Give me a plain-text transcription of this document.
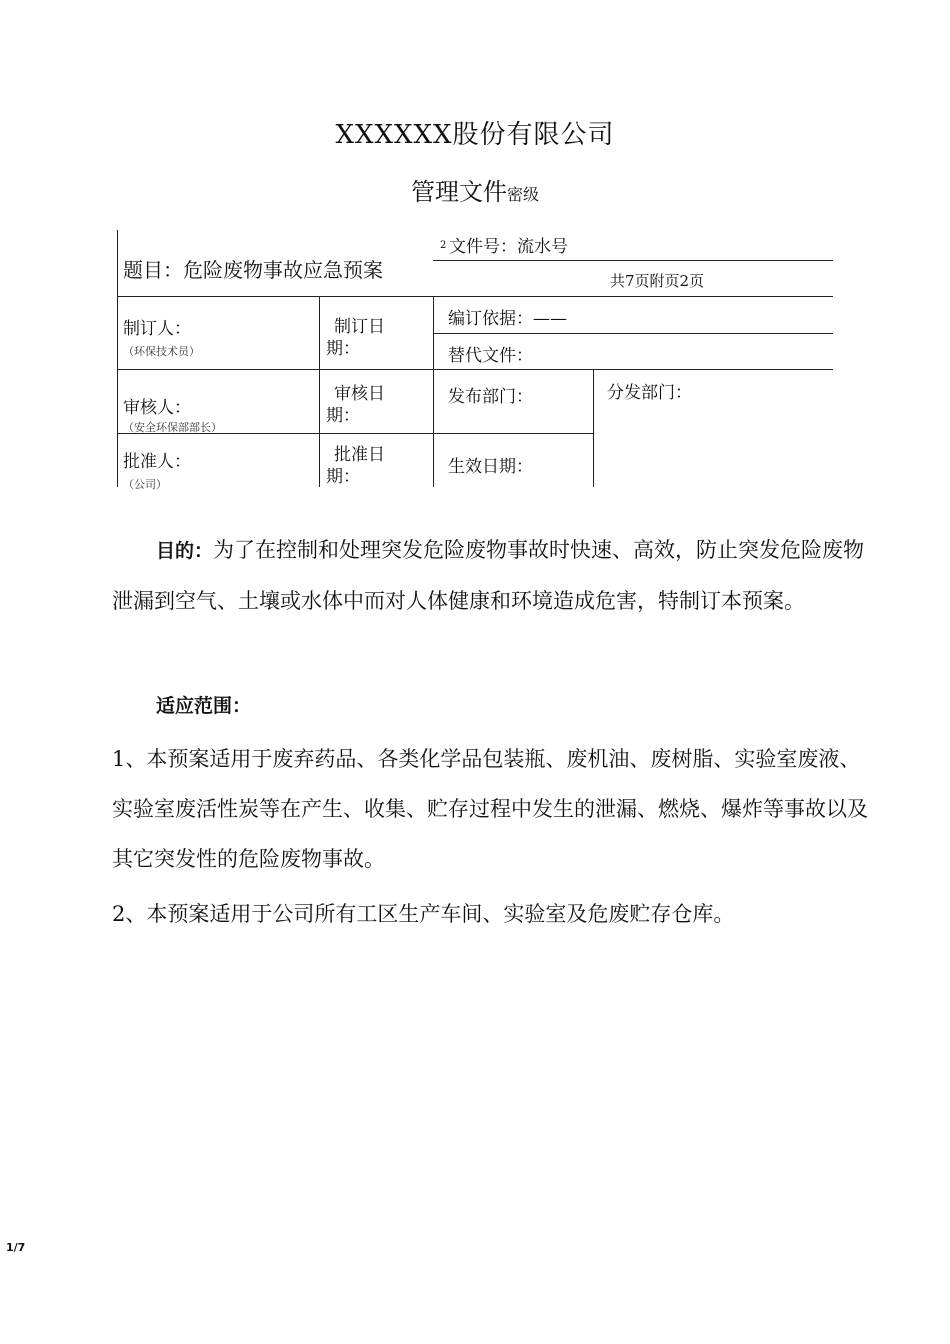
XXXXXX股份有限公司
管理文件密级
题目：危险废物事故应急预案
2 文件号：流水号
共7页附页2页
制订人：
（环保技术员）
制订日
期：
编订依据：——
替代文件：
审核人：
（安全环保部部长）
审核日
期：
发布部门：	分发部门：
批准人：
（公司）
批准日
期：	生效日期：
目的：为了在控制和处理突发危险废物事故时快速、高效，防止突发危险废物泄漏到空气、土壤或水体中而对人体健康和环境造成危害，特制订本预案。
适应范围：
1、本预案适用于废弃药品、各类化学品包装瓶、废机油、废树脂、实验室废液、实验室废活性炭等在产生、收集、贮存过程中发生的泄漏、燃烧、爆炸等事故以及其它突发性的危险废物事故。
2、本预案适用于公司所有工区生产车间、实验室及危废贮存仓库。
1/7
